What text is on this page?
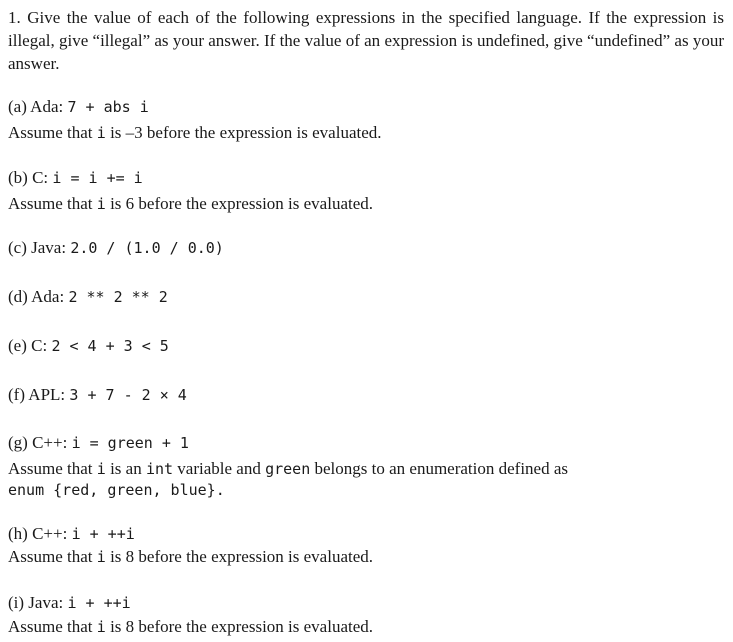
1. Give the value of each of the following expressions in the specified language. If the expression is illegal, give “illegal” as your answer. If the value of an expression is undefined, give “undefined” as your answer.

(a) Ada: 7 + abs i
Assume that i is –3 before the expression is evaluated.
(b) C: i = i += i
Assume that i is 6 before the expression is evaluated.
(c) Java: 2.0 / (1.0 / 0.0)
(d) Ada: 2 ** 2 ** 2
(e) C: 2 < 4 + 3 < 5
(f) APL: 3 + 7 - 2 × 4
(g) C++: i = green + 1
Assume that i is an int variable and green belongs to an enumeration defined as
enum {red, green, blue}.
(h) C++: i + ++i
Assume that i is 8 before the expression is evaluated.
(i) Java: i + ++i
Assume that i is 8 before the expression is evaluated.
